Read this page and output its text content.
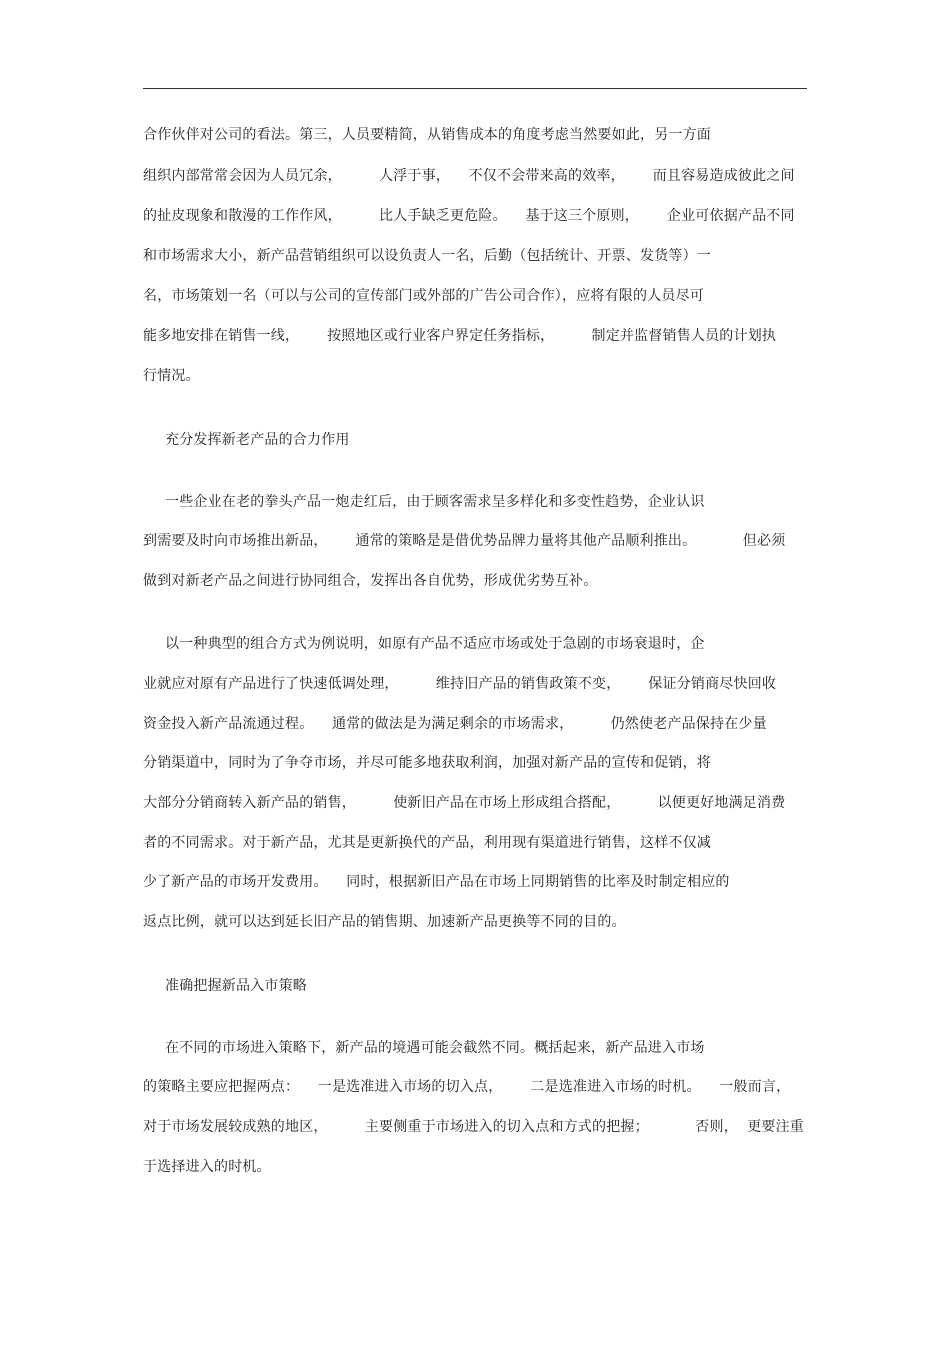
合作伙伴对公司的看法。第三，人员要精简，从销售成本的角度考虑当然要如此，另一方面
组织内部常常会因为人员冗余，        人浮于事，    不仅不会带来高的效率，      而且容易造成彼此之间
的扯皮现象和散漫的工作作风，        比人手缺乏更危险。    基于这三个原则，      企业可依据产品不同
和市场需求大小，新产品营销组织可以设负责人一名，后勤（包括统计、开票、发货等）一
名，市场策划一名（可以与公司的宣传部门或外部的广告公司合作），应将有限的人员尽可
能多地安排在销售一线，      按照地区或行业客户界定任务指标，        制定并监督销售人员的计划执
行情况。
充分发挥新老产品的合力作用
一些企业在老的拳头产品一炮走红后，由于顾客需求呈多样化和多变性趋势，企业认识
到需要及时向市场推出新品，      通常的策略是是借优势品牌力量将其他产品顺利推出。          但必须
做到对新老产品之间进行协同组合，发挥出各自优势，形成优劣势互补。
以一种典型的组合方式为例说明，如原有产品不适应市场或处于急剧的市场衰退时，企
业就应对原有产品进行了快速低调处理，        维持旧产品的销售政策不变，      保证分销商尽快回收
资金投入新产品流通过程。    通常的做法是为满足剩余的市场需求，        仍然使老产品保持在少量
分销渠道中，同时为了争夺市场，并尽可能多地获取利润，加强对新产品的宣传和促销，将
大部分分销商转入新产品的销售，        使新旧产品在市场上形成组合搭配，        以便更好地满足消费
者的不同需求。对于新产品，尤其是更新换代的产品，利用现有渠道进行销售，这样不仅减
少了新产品的市场开发费用。    同时，根据新旧产品在市场上同期销售的比率及时制定相应的
返点比例，就可以达到延长旧产品的销售期、加速新产品更换等不同的目的。
准确把握新品入市策略
在不同的市场进入策略下，新产品的境遇可能会截然不同。概括起来，新产品进入市场
的策略主要应把握两点：    一是选准进入市场的切入点，      二是选准进入市场的时机。    一般而言，
对于市场发展较成熟的地区，        主要侧重于市场进入的切入点和方式的把握；          否则，  更要注重
于选择进入的时机。
